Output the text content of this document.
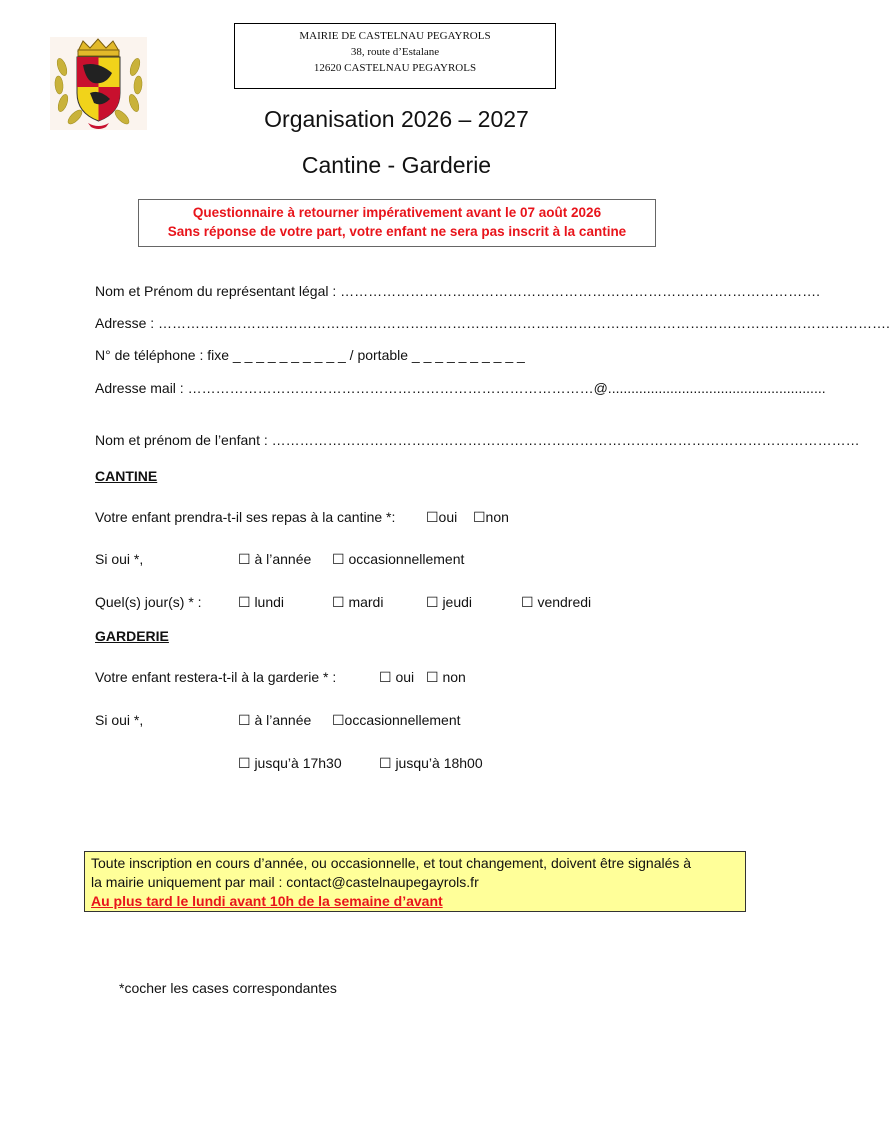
MAIRIE DE CASTELNAU PEGAYROLS
38, route d’Estalane
12620 CASTELNAU PEGAYROLS
Organisation 2026 – 2027
Cantine - Garderie
Questionnaire à retourner impérativement avant le 07 août 2026
Sans réponse de votre part, votre enfant ne sera pas inscrit à la cantine
Nom et Prénom du représentant légal : ………………………………………………………………………………………….
Adresse : ………………………………………………………………………………………………………………………………………….
N° de téléphone : fixe _ _ _ _ _ _ _ _ _ _ / portable _ _ _ _ _ _ _ _ _ _
Adresse mail : ……………………………………………………………………………@........................................................
Nom et prénom de l’enfant : ………………………………………………………………………………………………………………
CANTINE
Votre enfant prendra-t-il ses repas à la cantine *: ☐oui ☐non
Si oui *,	☐ à l’année ☐ occasionnellement
Quel(s) jour(s) * :	☐ lundi	☐ mardi	☐ jeudi	☐ vendredi
GARDERIE
Votre enfant restera-t-il à la garderie * :	☐ oui ☐ non
Si oui *,	☐ à l’année ☐occasionnellement
☐ jusqu’à 17h30	☐ jusqu’à 18h00
Toute inscription en cours d’année, ou occasionnelle, et tout changement, doivent être signalés à
la mairie uniquement par mail : contact@castelnaupegayrols.fr
Au plus tard le lundi avant 10h de la semaine d’avant
*cocher les cases correspondantes
